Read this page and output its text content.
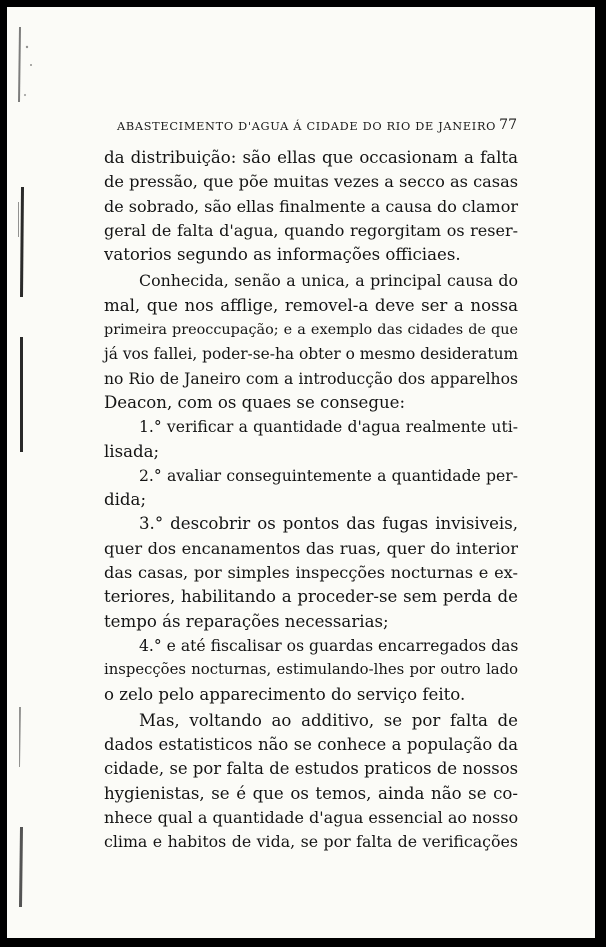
ABASTECIMENTO D'AGUA Á CIDADE DO RIO DE JANEIRO 77
da distribuição: são ellas que occasionam a falta
de pressão, que põe muitas vezes a secco as casas
de sobrado, são ellas finalmente a causa do clamor
geral de falta d'agua, quando regorgitam os reser-
vatorios segundo as informações officiaes.
Conhecida, senão a unica, a principal causa do
mal, que nos affligе, removel-a deve ser a nossa
primeira preoccupação; e a exemplo das cidades de que
já vos fallei, poder-se-ha obter o mesmo desideratum
no Rio de Janeiro com a introducção dos apparelhos
Deacon, com os quaes se consegue:
1.° verificar a quantidade d'agua realmente uti-
lisada;
2.° avaliar conseguintemente a quantidade per-
dida;
3.° descobrir os pontos das fugas invisiveis,
quer dos encanamentos das ruas, quer do interior
das casas, por simples inspecções nocturnas e ex-
teriores, habilitando a proceder-se sem perda de
tempo ás reparações necessarias;
4.° e até fiscalisar os guardas encarregados das
inspecções nocturnas, estimulando-lhes por outro lado
o zelo pelo apparecimento do serviço feito.
Mas, voltando ao additivo, se por falta de
dados estatisticos não se conhece a população da
cidade, se por falta de estudos praticos de nossos
hygienistas, se é que os temos, ainda não se co-
nhece qual a quantidade d'agua essencial ao nosso
clima e habitos de vida, se por falta de verificações
